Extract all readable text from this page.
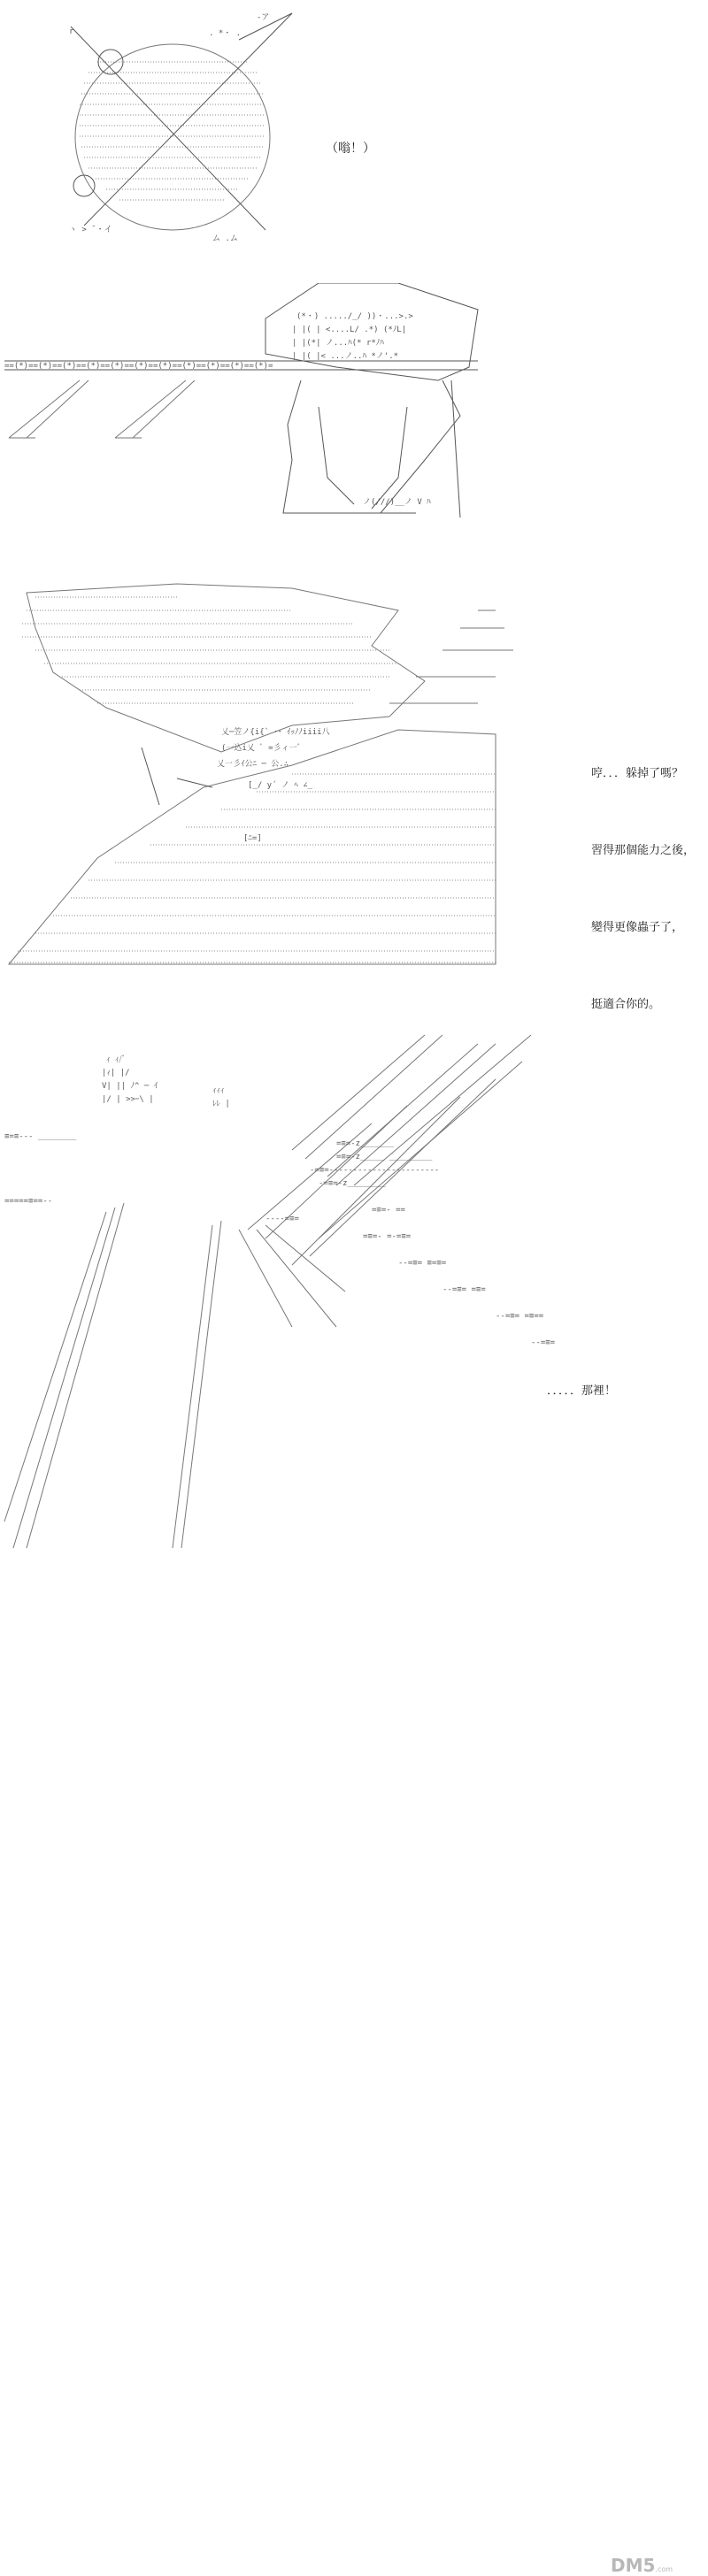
-ア
. *・ .
r
ム .ム
ヽ > ˘・イ
（嗡！）
==(*)==(*)==(*)==(*)==(*)==(*)==(*)==(*)==(*)==(*)==(*)=
(*・) ...../_/ ))・...>.>
| |( | <....L/ .*) (*ﾉL|
| |(*| ノ...ﾊ(* r*ﾉﾊ
| |( |< ...ノ..ﾊ *ノ'.*
ノ(///)__ノ V ﾊ

哼．．．躲掉了嗎？

習得那個能力之後，

變得更像蟲子了，

挺適合你的。

乂─笠ノ{i{` ･･ ｲｯﾉﾉiiii八
(一込i乂 ﾞ =彡ィ一ﾞ
乂一彡ｲ公ﾆ ─ 公.∴
[_/ y´ ノ ﾍ ∠_
[ﾆ=]
．．．．．那裡！
ｨ ｨ/ﾞ
|ｨ| |/
V| || ﾉ^ ─ ｲ
|/ | >>ｰ\ |
ｨｨｨ
ﾚﾚ |
≡=≡--- ________
=====≡==--
=≡=-z_______
=≡=-z_____ _________
-=≡=-----------------------
-=≡=-z________
=≡=- ==
=≡=- =-=≡=
--=≡= ≡=≡=
--=≡= =≡=
--=≡= =≡==
--=≡=
----=≡=
DM5.com
